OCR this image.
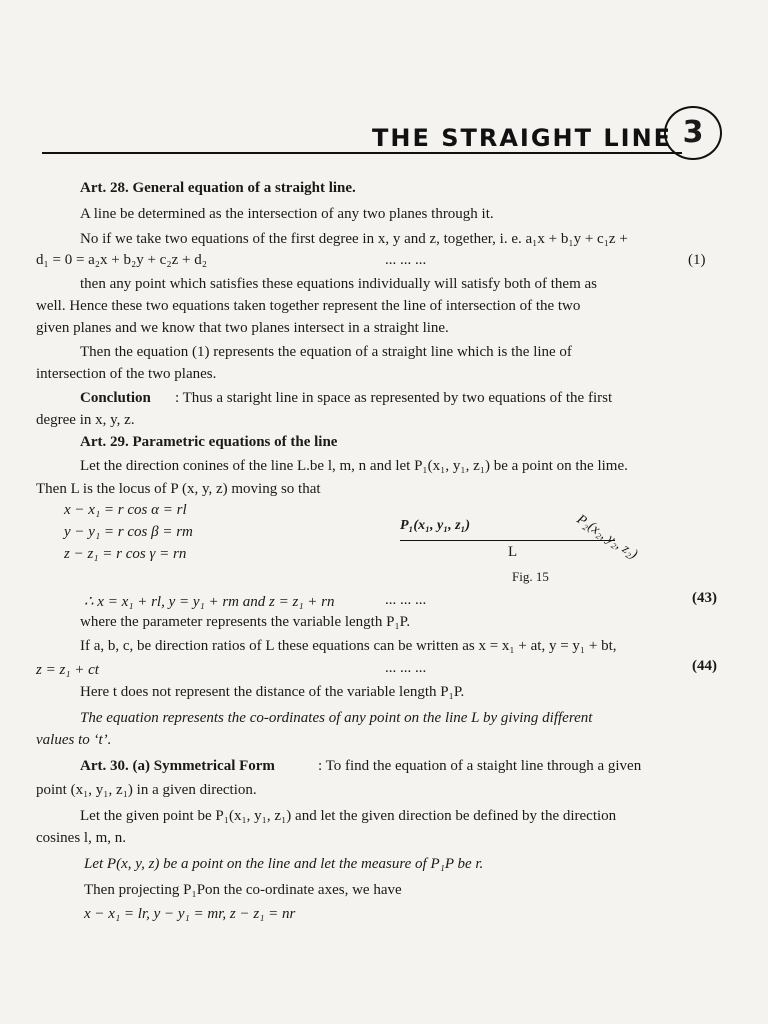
THE STRAIGHT LINE 3
Art. 28. General equation of a straight line.
A line be determined as the intersection of any two planes through it.
No if we take two equations of the first degree in x, y and z, together, i. e. a₁x + b₁y + c₁z +
d₁ = 0 = a₂x + b₂y + c₂z + d₂	... ... ...	(1)
then any point which satisfies these equations individually will satisfy both of them as
well. Hence these two equations taken together represent the line of intersection of the two
given planes and we know that two planes intersect in a straight line.
Then the equation (1) represents the equation of a straight line which is the line of
intersection of the two planes.
Conclution : Thus a staright line in space as represented by two equations of the first
degree in x, y, z.
Art. 29. Parametric equations of the line
Let the direction conines of the line L.be l, m, n and let P₁(x₁, y₁, z₁) be a point on the lime.
Then L is the locus of P (x, y, z) moving so that
x − x₁ = r cos α = rl
y − y₁ = r cos β = rm
z − z₁ = r cos γ = rn
P₁(x₁, y₁, z₁)	P₂(x₂, y₂, z₂)
L
Fig. 15
∴ x = x₁ + rl, y = y₁ + rm and z = z₁ + rn	... ... ...	(43)
where the parameter represents the variable length P₁P.
If a, b, c, be direction ratios of L these equations can be written as x = x₁ + at, y = y₁ + bt,
z = z₁ + ct	... ... ...	(44)
Here t does not represent the distance of the variable length P₁P.
The equation represents the co-ordinates of any point on the line L by giving different
values to ‘t’.
Art. 30. (a) Symmetrical Form	: To find the equation of a staight line through a given
point (x₁, y₁, z₁) in a given direction.
Let the given point be P₁(x₁, y₁, z₁) and let the given direction be defined by the direction
cosines l, m, n.
Let P(x, y, z) be a point on the line and let the measure of P₁P be r.
Then projecting P₁Pon the co-ordinate axes, we have
x − x₁ = lr, y − y₁ = mr, z − z₁ = nr
